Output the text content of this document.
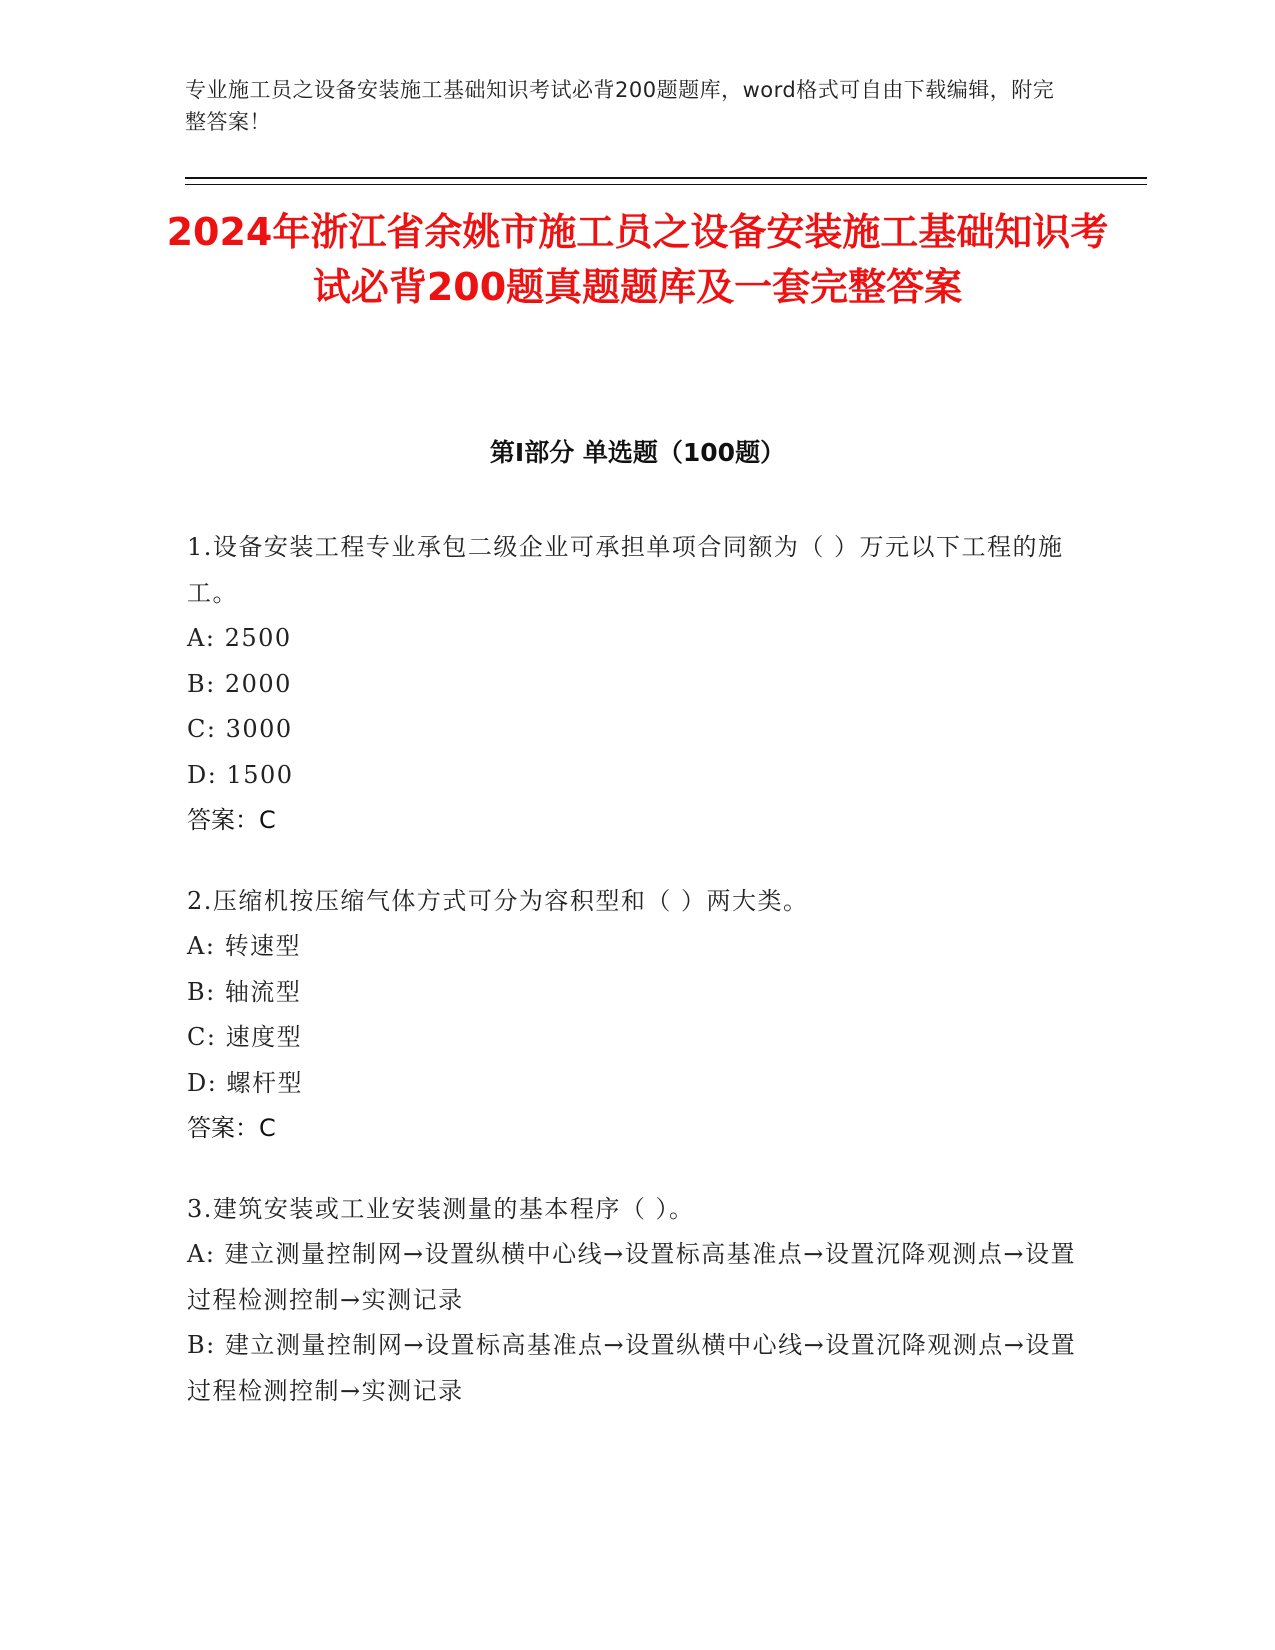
专业施工员之设备安装施工基础知识考试必背200题题库，word格式可自由下载编辑，附完整答案！
2024年浙江省余姚市施工员之设备安装施工基础知识考试必背200题真题题库及一套完整答案
第I部分 单选题（100题）

1.设备安装工程专业承包二级企业可承担单项合同额为（ ）万元以下工程的施工。

A: 2500

B: 2000

C: 3000

D: 1500

答案：C

2.压缩机按压缩气体方式可分为容积型和（ ）两大类。

A: 转速型

B: 轴流型

C: 速度型

D: 螺杆型

答案：C

3.建筑安装或工业安装测量的基本程序（ ）。

A: 建立测量控制网→设置纵横中心线→设置标高基准点→设置沉降观测点→设置过程检测控制→实测记录

B: 建立测量控制网→设置标高基准点→设置纵横中心线→设置沉降观测点→设置过程检测控制→实测记录
